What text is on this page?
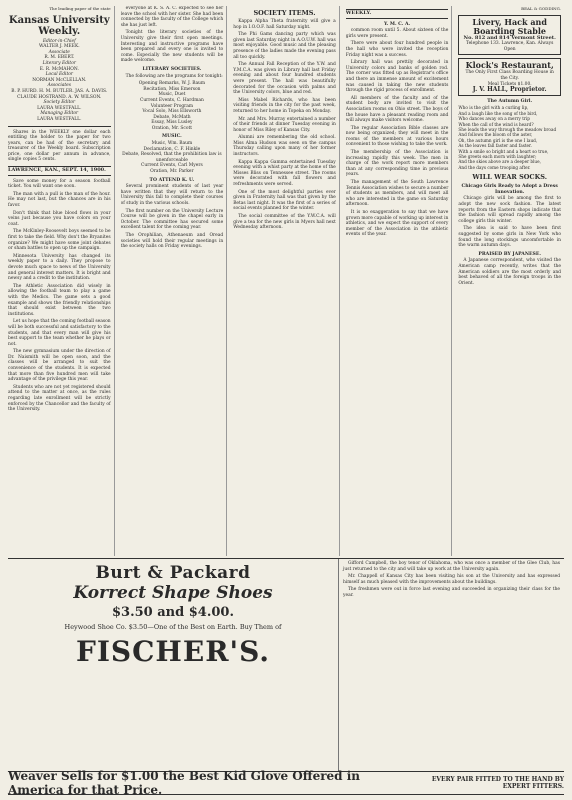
The leading paper of the state
Kansas University Weekly.
Editor-in-Chief
WALTER J. MEEK.
Associate
R. M. EBERT.
Literary Editor
E. R. McMAHON.
Local Editor
NORMAN McCLELLAN.
Associates
B. P. HURD. H. M. BUTLER. JAS. A. DAVIS. CLAUDE HOSTRAND. A. W. WILSON.
Society Editor
LAURA WESTFALL.
Managing Editor
LAURA WESTFALL.

Shares in the WEEKLY one dollar each entitling the holder to the paper for two years, can be had of the secretary and treasurer of the Weekly board. Subscription price, one dollar per annum in advance, single copies 5 cents.

LAWRENCE, KAN., SEPT. 14, 1900.

Save some money for a season football ticket. You will want one soon.

The man with a pull is the man of the hour. He may not last, but the chances are in his favor.

Don't think that blue blood flows in your veins just because you have colors on your coat.

The McKinley-Roosevelt boys seemed to be first to take the field. Why don't the Bryanites organize? We might have some joint debates or sham battles to open up the campaign.

Minnesota University has changed its weekly paper to a daily. They propose to devote much space to news of the University and general interest matters. It is bright and newsy and a credit to the institution.

The Athletic Association did wisely in allowing the football team to play a game with the Medics. The game sets a good example and shows the friendly relationships that should exist between the two institutions.

Let us hope that the coming football season will be both successful and satisfactory to the students, and that every man will give his best support to the team whether he plays or not.

The new gymnasium under the direction of Dr. Naismith will be open soon, and the classes will be arranged to suit the convenience of the students. It is expected that more than five hundred men will take advantage of the privilege this year.

Students who are not yet registered should attend to the matter at once, as the rules regarding late enrollment will be strictly enforced by the Chancellor and the faculty of the University.

everyone at K. S. A. C. expected to see her leave the school with her sister. She had been connected by the faculty of the College which she has just left.

Tonight the literary societies of the University give their first open meetings. Interesting and instructive programs have been prepared and every one is invited to come. Especially the new students will be made welcome.

LITERARY SOCIETIES.

The following are the programs for tonight:

Opening Remarks, W. J. Baum
Recitation, Miss Emerson
Music, Duet
Current Events, C. Hardman
Volunteer Program
Vocal Solo, Miss Ellsworth
Debate, McMath
Essay, Miss Lusley
Oration, Mr. Scott
MUSIC.
Music, Wm. Baum
Declamation, C. F. Hinkle
Debate, Resolved, that the prohibition law is unenforceable
Current Events, Carl Myers
Oration, Mr. Parker
TO ATTEND K. U.

Several prominent students of last year have written that they will return to the University this fall to complete their courses of study in the various schools.

The first number on the University Lecture Course will be given in the chapel early in October. The committee has secured some excellent talent for the coming year.

The Orophilian, Athenaeum and Oread societies will hold their regular meetings in the society halls on Friday evenings.

SOCIETY ITEMS.

Kappa Alpha Theta fraternity will give a hop in I.O.O.F. hall Saturday night.

The Phi Gams dancing party which was given last Saturday night in A.O.U.W. hall was most enjoyable. Good music and the pleasing presence of the ladies made the evening pass all too quickly.

The Annual Fall Reception of the Y.W. and Y.M.C.A. was given in Library hall last Friday evening and about four hundred students were present. The hall was beautifully decorated for the occasion with palms and the University colors, blue and red.

Miss Mabel Richards, who has been visiting friends in the city for the past week, returned to her home in Topeka on Monday.

Mr. and Mrs. Murray entertained a number of their friends at dinner Tuesday evening in honor of Miss Riley of Kansas City.

Alumni are remembering the old school. Miss Alma Hudson was seen on the campus Thursday calling upon many of her former instructors.

Kappa Kappa Gamma entertained Tuesday evening with a whist party at the home of the Misses Bliss on Tennessee street. The rooms were decorated with fall flowers and refreshments were served.

One of the most delightful parties ever given in Fraternity hall was that given by the Betas last night. It was the first of a series of social events planned for the winter.

The social committee of the Y.W.C.A. will give a tea for the new girls in Myers hall next Wednesday afternoon.

WEEKLY.
Y. M. C. A.

common room until 5. About sixteen of the girls were present.

There were about four hundred people in the hall who were invited the reception Friday night was a success.

Library hall was prettily decorated in University colors and banks of golden rod. The corner was fitted up as Registrar's office and there an immense amount of excitement was caused in taking the new students through the rigid process of enrollment.

All members of the faculty and of the student body are invited to visit the Association rooms on Ohio street. The boys of the house have a pleasant reading room and will always make visitors welcome.

The regular Association Bible classes are now being organized; they will meet in the rooms of the members at various hours convenient to those wishing to take the work.

The membership of the Association is increasing rapidly this week. The men in charge of the work report more members than at any corresponding time in previous years.

The management of the South Lawrence Tennis Association wishes to secure a number of students as members, and will meet all who are interested in the game on Saturday afternoon.

It is no exaggeration to say that we have grown more capable of working up interest in athletics, and we expect the support of every member of the Association in the athletic events of the year.

BEAL & GODDING.
Livery, Hack and Boarding Stable
No. 812 and 814 Vermont Street.
Telephone 133. Lawrence, Kan. Always Open
Klock's Restaurant,
The Only First Class Boarding House in the City.
Meal Tickets $1.00.
J. V. HALL, Proprietor.
The Autumn Girl.
Who is the girl with a curling lip,
And a laugh like the song of the bird,
Who dances away on a merry trip
When the call of the wind is heard?
She leads the way through the meadow broad
And follows the bloom of the aster,
Oh, the autumn girl is the one I laud,
As the leaves fall faster and faster.
With a smile so bright and a heart so true,
She greets each morn with laughter;
And the skies above are a deeper blue,
And the days come trooping after.
WILL WEAR SOCKS.
Chicago Girls Ready to Adopt a Dress Innovation.

Chicago girls will be among the first to adopt the new sock fashion. The latest reports from the Eastern shops indicate that the fashion will spread rapidly among the college girls this winter.

The idea is said to have been first suggested by some girls in New York who found the long stockings uncomfortable in the warm autumn days.

PRAISED BY JAPANESE.

A Japanese correspondent, who visited the American camp recently, writes that the American soldiers are the most orderly and best behaved of all the foreign troops in the Orient.

Burt & Packard
Korrect Shape Shoes
$3.50 and $4.00.
Heywood Shoe Co. $3.50—One of the Best on Earth. Buy Them of
FISCHER'S.

Gifford Campbell, the boy tenor of Oklahoma, who was once a member of the Glee Club, has just returned to the city and will take up work at the University again.

Mr. Chappell of Kansas City has been visiting his son at the University and has expressed himself as much pleased with the improvements about the buildings.

The freshmen were out in force last evening and succeeded in organizing their class for the year.

Weaver Sells for $1.00 the Best Kid Glove Offered in America for that Price.
EVERY PAIR FITTED TO THE HAND BY EXPERT FITTERS.
